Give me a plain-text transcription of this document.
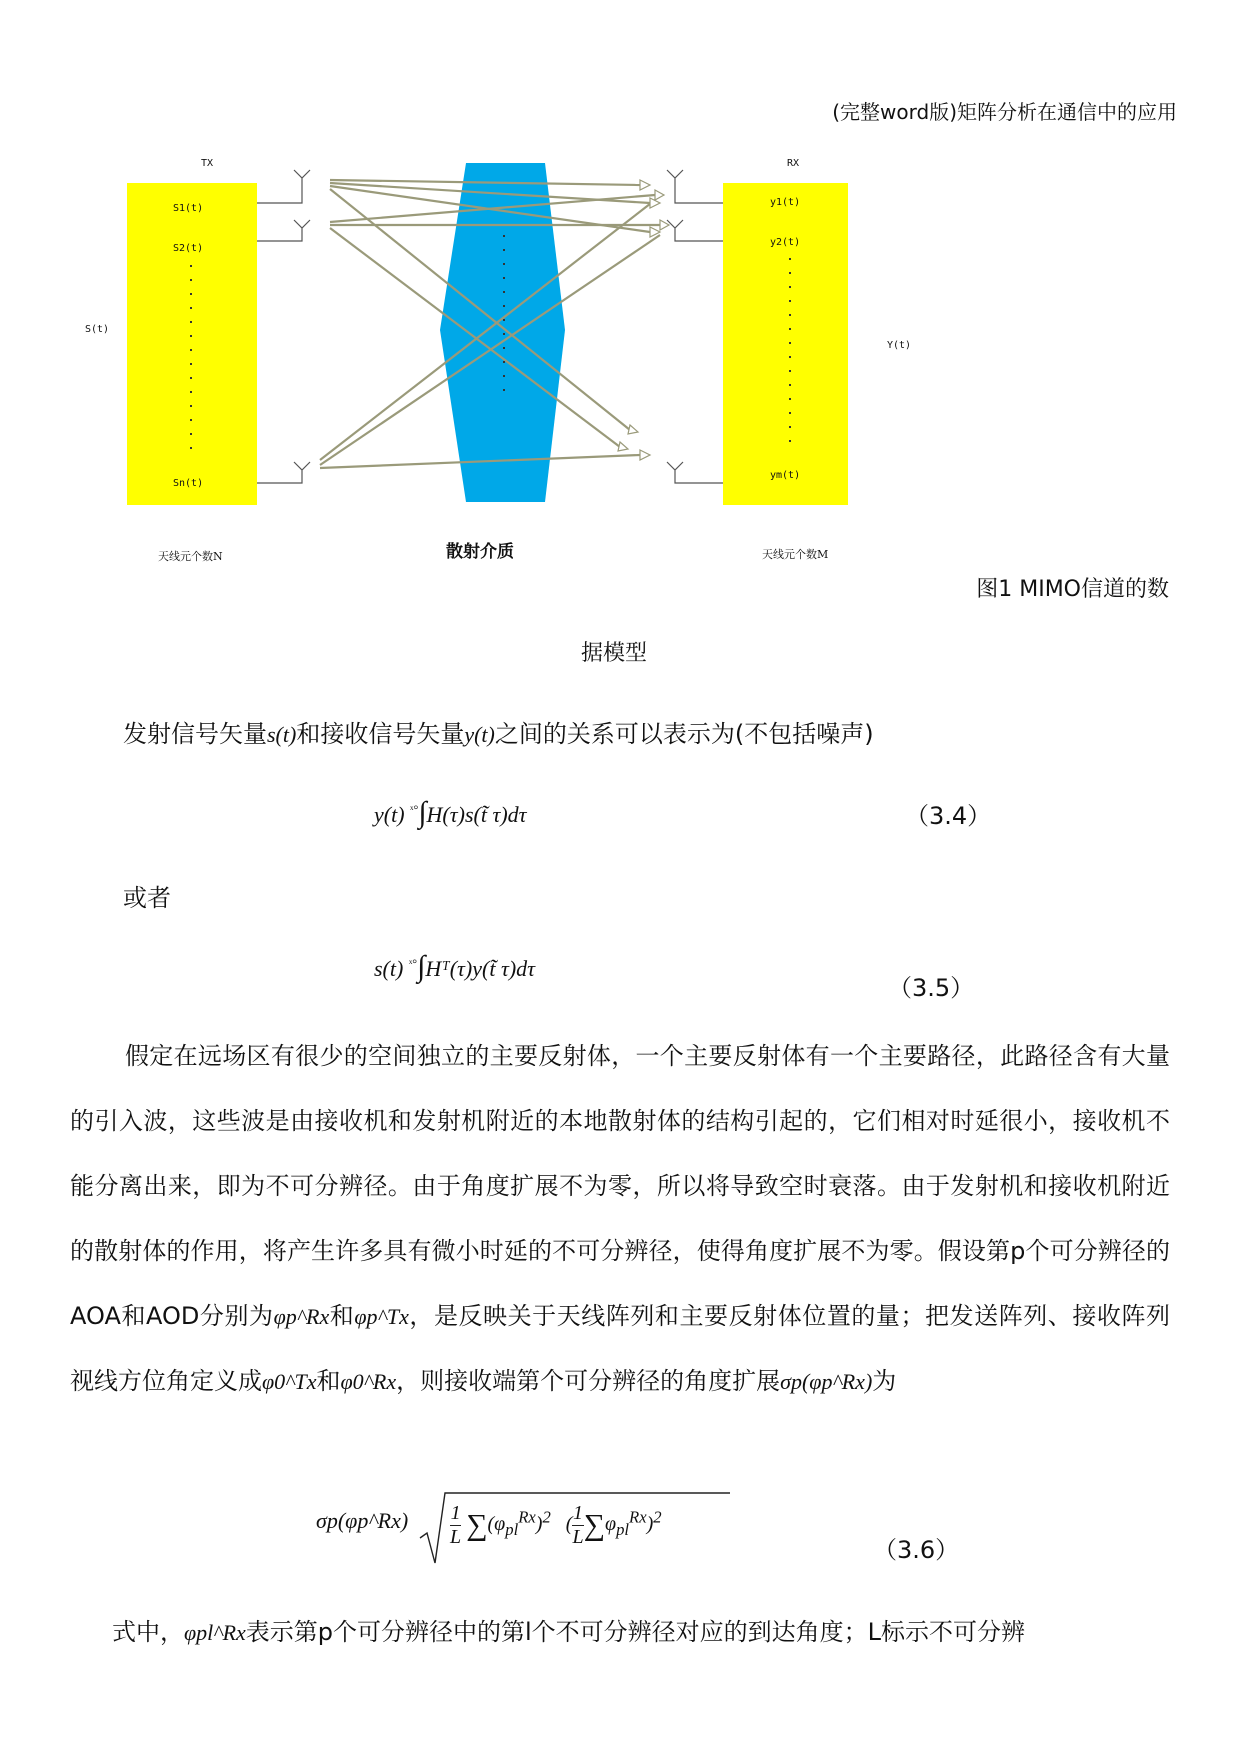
(完整word版)矩阵分析在通信中的应用
TX	RX
S1(t)
S2(t)
Sn(t)
y1(t)
y2(t)
ym(t)
S(t)
Y(t)
天线元个数N	天线元个数M
散射介质
图1 MIMO信道的数
据模型
发射信号矢量s(t)和接收信号矢量y(t)之间的关系可以表示为(不包括噪声)
y(t) $^{ˣ^\circ}$∫H(τ)s(t̃ τ)dτ	（3.4）
或者
s(t) $^{ˣ^\circ}$∫Hᵀ(τ)y(t̃ τ)dτ
（3.5）
假定在远场区有很少的空间独立的主要反射体，一个主要反射体有一个主要路径，此路径含有大量的引入波，这些波是由接收机和发射机附近的本地散射体的结构引起的，它们相对时延很小，接收机不能分离出来，即为不可分辨径。由于角度扩展不为零，所以将导致空时衰落。由于发射机和接收机附近的散射体的作用，将产生许多具有微小时延的不可分辨径，使得角度扩展不为零。假设第p个可分辨径的AOA和AOD分别为φp^Rx和φp^Tx，是反映关于天线阵列和主要反射体位置的量；把发送阵列、接收阵列视线方位角定义成φ0^Tx和φ0^Rx，则接收端第个可分辨径的角度扩展σp(φp^Rx)为
σp(φp^Rx) $\frac{1}{L} \sum(\varphi_{pl}^{Rx})^2$   ( $\frac{1}{L} \sum\varphi_{pl}^{Rx})^2$
（3.6）
式中，φpl^Rx表示第p个可分辨径中的第l个不可分辨径对应的到达角度；L标示不可分辨
